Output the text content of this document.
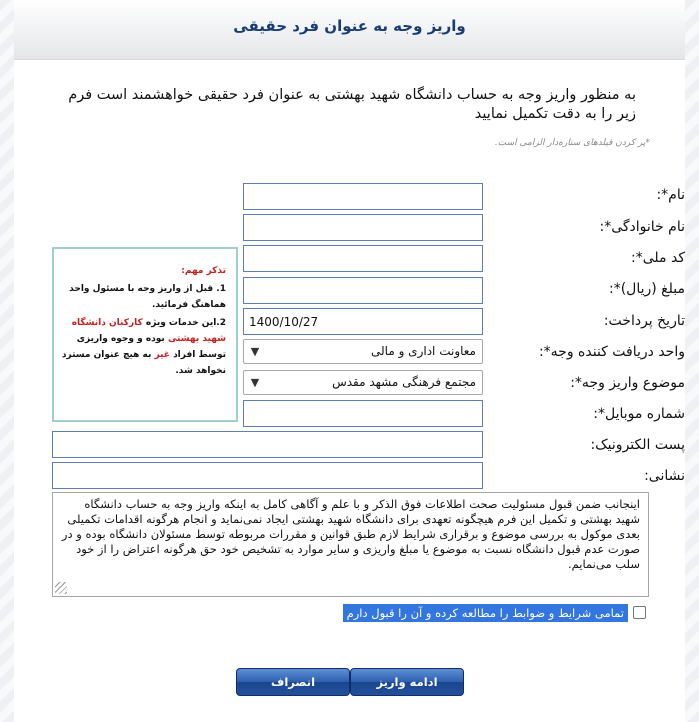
واریز وجه به عنوان فرد حقیقی
به منظور واریز وجه به حساب دانشگاه شهید بهشتی به عنوان فرد حقیقی خواهشمند است فرم زیر را به دقت تکمیل نمایید
*پر کردن فیلدهای ستاره‌دار الزامی است.

تذکر مهم:

1. قبل از واریز وجه با مسئول واحد هماهنگ فرمائید.

2.این خدمات ویژه کارکنان دانشگاه شهید بهشتی بوده و وجوه واریزی توسط افراد غیر به هیچ عنوان مسترد نخواهد شد.

نام*:
نام خانوادگی*:
کد ملی*:
مبلغ (ریال)*:
تاریخ پرداخت:
1400/10/27
واحد دریافت کننده وجه*:
معاونت اداری و مالی
▼
موضوع واریز وجه*:
مجتمع فرهنگی مشهد مقدس
▼
شماره موبایل*:
پست الکترونیک:
نشانی:
اینجانب ضمن قبول مسئولیت صحت اطلاعات فوق الذکر و با علم و آگاهی کامل به اینکه واریز وجه به حساب دانشگاه شهید بهشتی و تکمیل این فرم هیچگونه تعهدی برای دانشگاه شهید بهشتی ایجاد نمی‌نماید و انجام هرگونه اقدامات تکمیلی بعدی موکول به بررسی موضوع و برقراری شرایط لازم طبق قوانین و مقررات مربوطه توسط مسئولان دانشگاه بوده و در صورت عدم قبول دانشگاه نسبت به موضوع یا مبلغ واریزی و سایر موارد به تشخیص خود حق هرگونه اعتراض را از خود سلب می‌نمایم.
تمامی شرایط و ضوابط را مطالعه کرده و آن را قبول دارم
ادامه واریز
انصراف
